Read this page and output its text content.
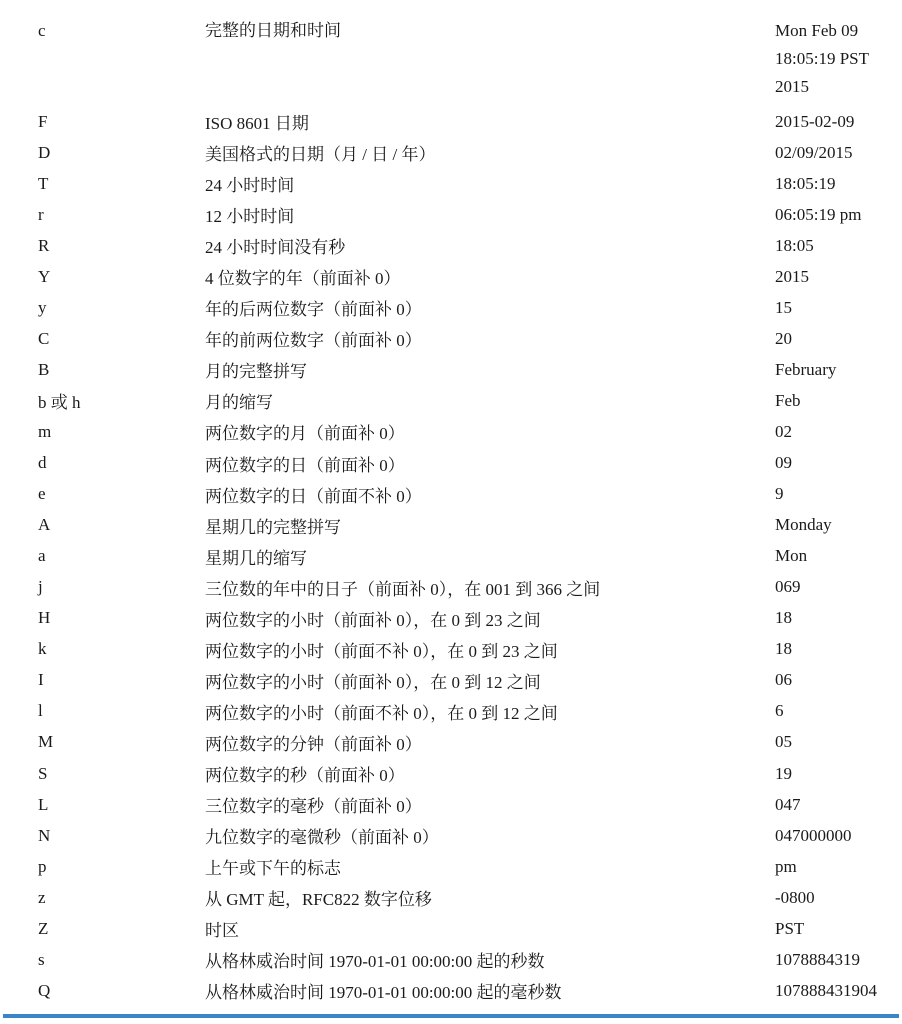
c	完整的日期和时间	Mon Feb 09 18:05:19 PST 2015
F	ISO 8601 日期	2015-02-09
D	美国格式的日期（月 / 日 / 年）	02/09/2015
T	24 小时时间	18:05:19
r	12 小时时间	06:05:19 pm
R	24 小时时间没有秒	18:05
Y	4 位数字的年（前面补 0）	2015
y	年的后两位数字（前面补 0）	15
C	年的前两位数字（前面补 0）	20
B	月的完整拼写	February
b 或 h	月的缩写	Feb
m	两位数字的月（前面补 0）	02
d	两位数字的日（前面补 0）	09
e	两位数字的日（前面不补 0）	9
A	星期几的完整拼写	Monday
a	星期几的缩写	Mon
j	三位数的年中的日子（前面补 0），在 001 到 366 之间	069
H	两位数字的小时（前面补 0），在 0 到 23 之间	18
k	两位数字的小时（前面不补 0），在 0 到 23 之间	18
I	两位数字的小时（前面补 0），在 0 到 12 之间	06
l	两位数字的小时（前面不补 0），在 0 到 12 之间	6
M	两位数字的分钟（前面补 0）	05
S	两位数字的秒（前面补 0）	19
L	三位数字的毫秒（前面补 0）	047
N	九位数字的毫微秒（前面补 0）	047000000
p	上午或下午的标志	pm
z	从 GMT 起，RFC822 数字位移	-0800
Z	时区	PST
s	从格林威治时间 1970-01-01 00:00:00 起的秒数	1078884319
Q	从格林威治时间 1970-01-01 00:00:00 起的毫秒数	107888431904
